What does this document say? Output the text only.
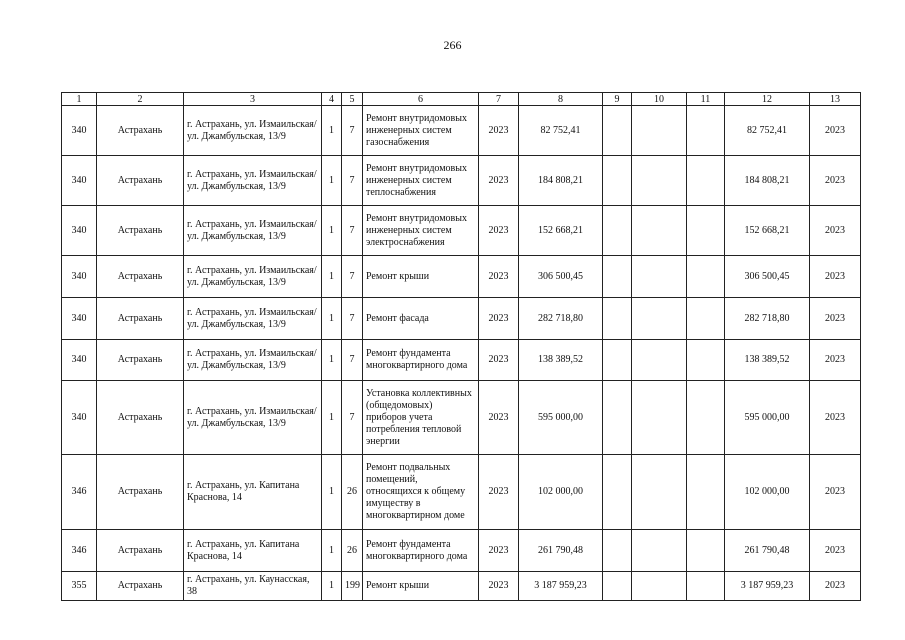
266
1	2	3	4	5	6	7	8	9	10	11	12	13
340	Астрахань	г. Астрахань, ул. Измаильская/ ул. Джамбульская, 13/9	1	7	Ремонт внутридомовых инженерных систем газоснабжения	2023	82 752,41				82 752,41	2023
340	Астрахань	г. Астрахань, ул. Измаильская/ ул. Джамбульская, 13/9	1	7	Ремонт внутридомовых инженерных систем теплоснабжения	2023	184 808,21				184 808,21	2023
340	Астрахань	г. Астрахань, ул. Измаильская/ ул. Джамбульская, 13/9	1	7	Ремонт внутридомовых инженерных систем электроснабжения	2023	152 668,21				152 668,21	2023
340	Астрахань	г. Астрахань, ул. Измаильская/ ул. Джамбульская, 13/9	1	7	Ремонт крыши	2023	306 500,45				306 500,45	2023
340	Астрахань	г. Астрахань, ул. Измаильская/ ул. Джамбульская, 13/9	1	7	Ремонт фасада	2023	282 718,80				282 718,80	2023
340	Астрахань	г. Астрахань, ул. Измаильская/ ул. Джамбульская, 13/9	1	7	Ремонт фундамента многоквартирного дома	2023	138 389,52				138 389,52	2023
340	Астрахань	г. Астрахань, ул. Измаильская/ ул. Джамбульская, 13/9	1	7	Установка коллективных (общедомовых) приборов учета потребления тепловой энергии	2023	595 000,00				595 000,00	2023
346	Астрахань	г. Астрахань, ул. Капитана Краснова, 14	1	26	Ремонт подвальных помещений, относящихся к общему имуществу в многоквартирном доме	2023	102 000,00				102 000,00	2023
346	Астрахань	г. Астрахань, ул. Капитана Краснова, 14	1	26	Ремонт фундамента многоквартирного дома	2023	261 790,48				261 790,48	2023
355	Астрахань	г. Астрахань, ул. Каунасская, 38	1	199	Ремонт крыши	2023	3 187 959,23				3 187 959,23	2023
